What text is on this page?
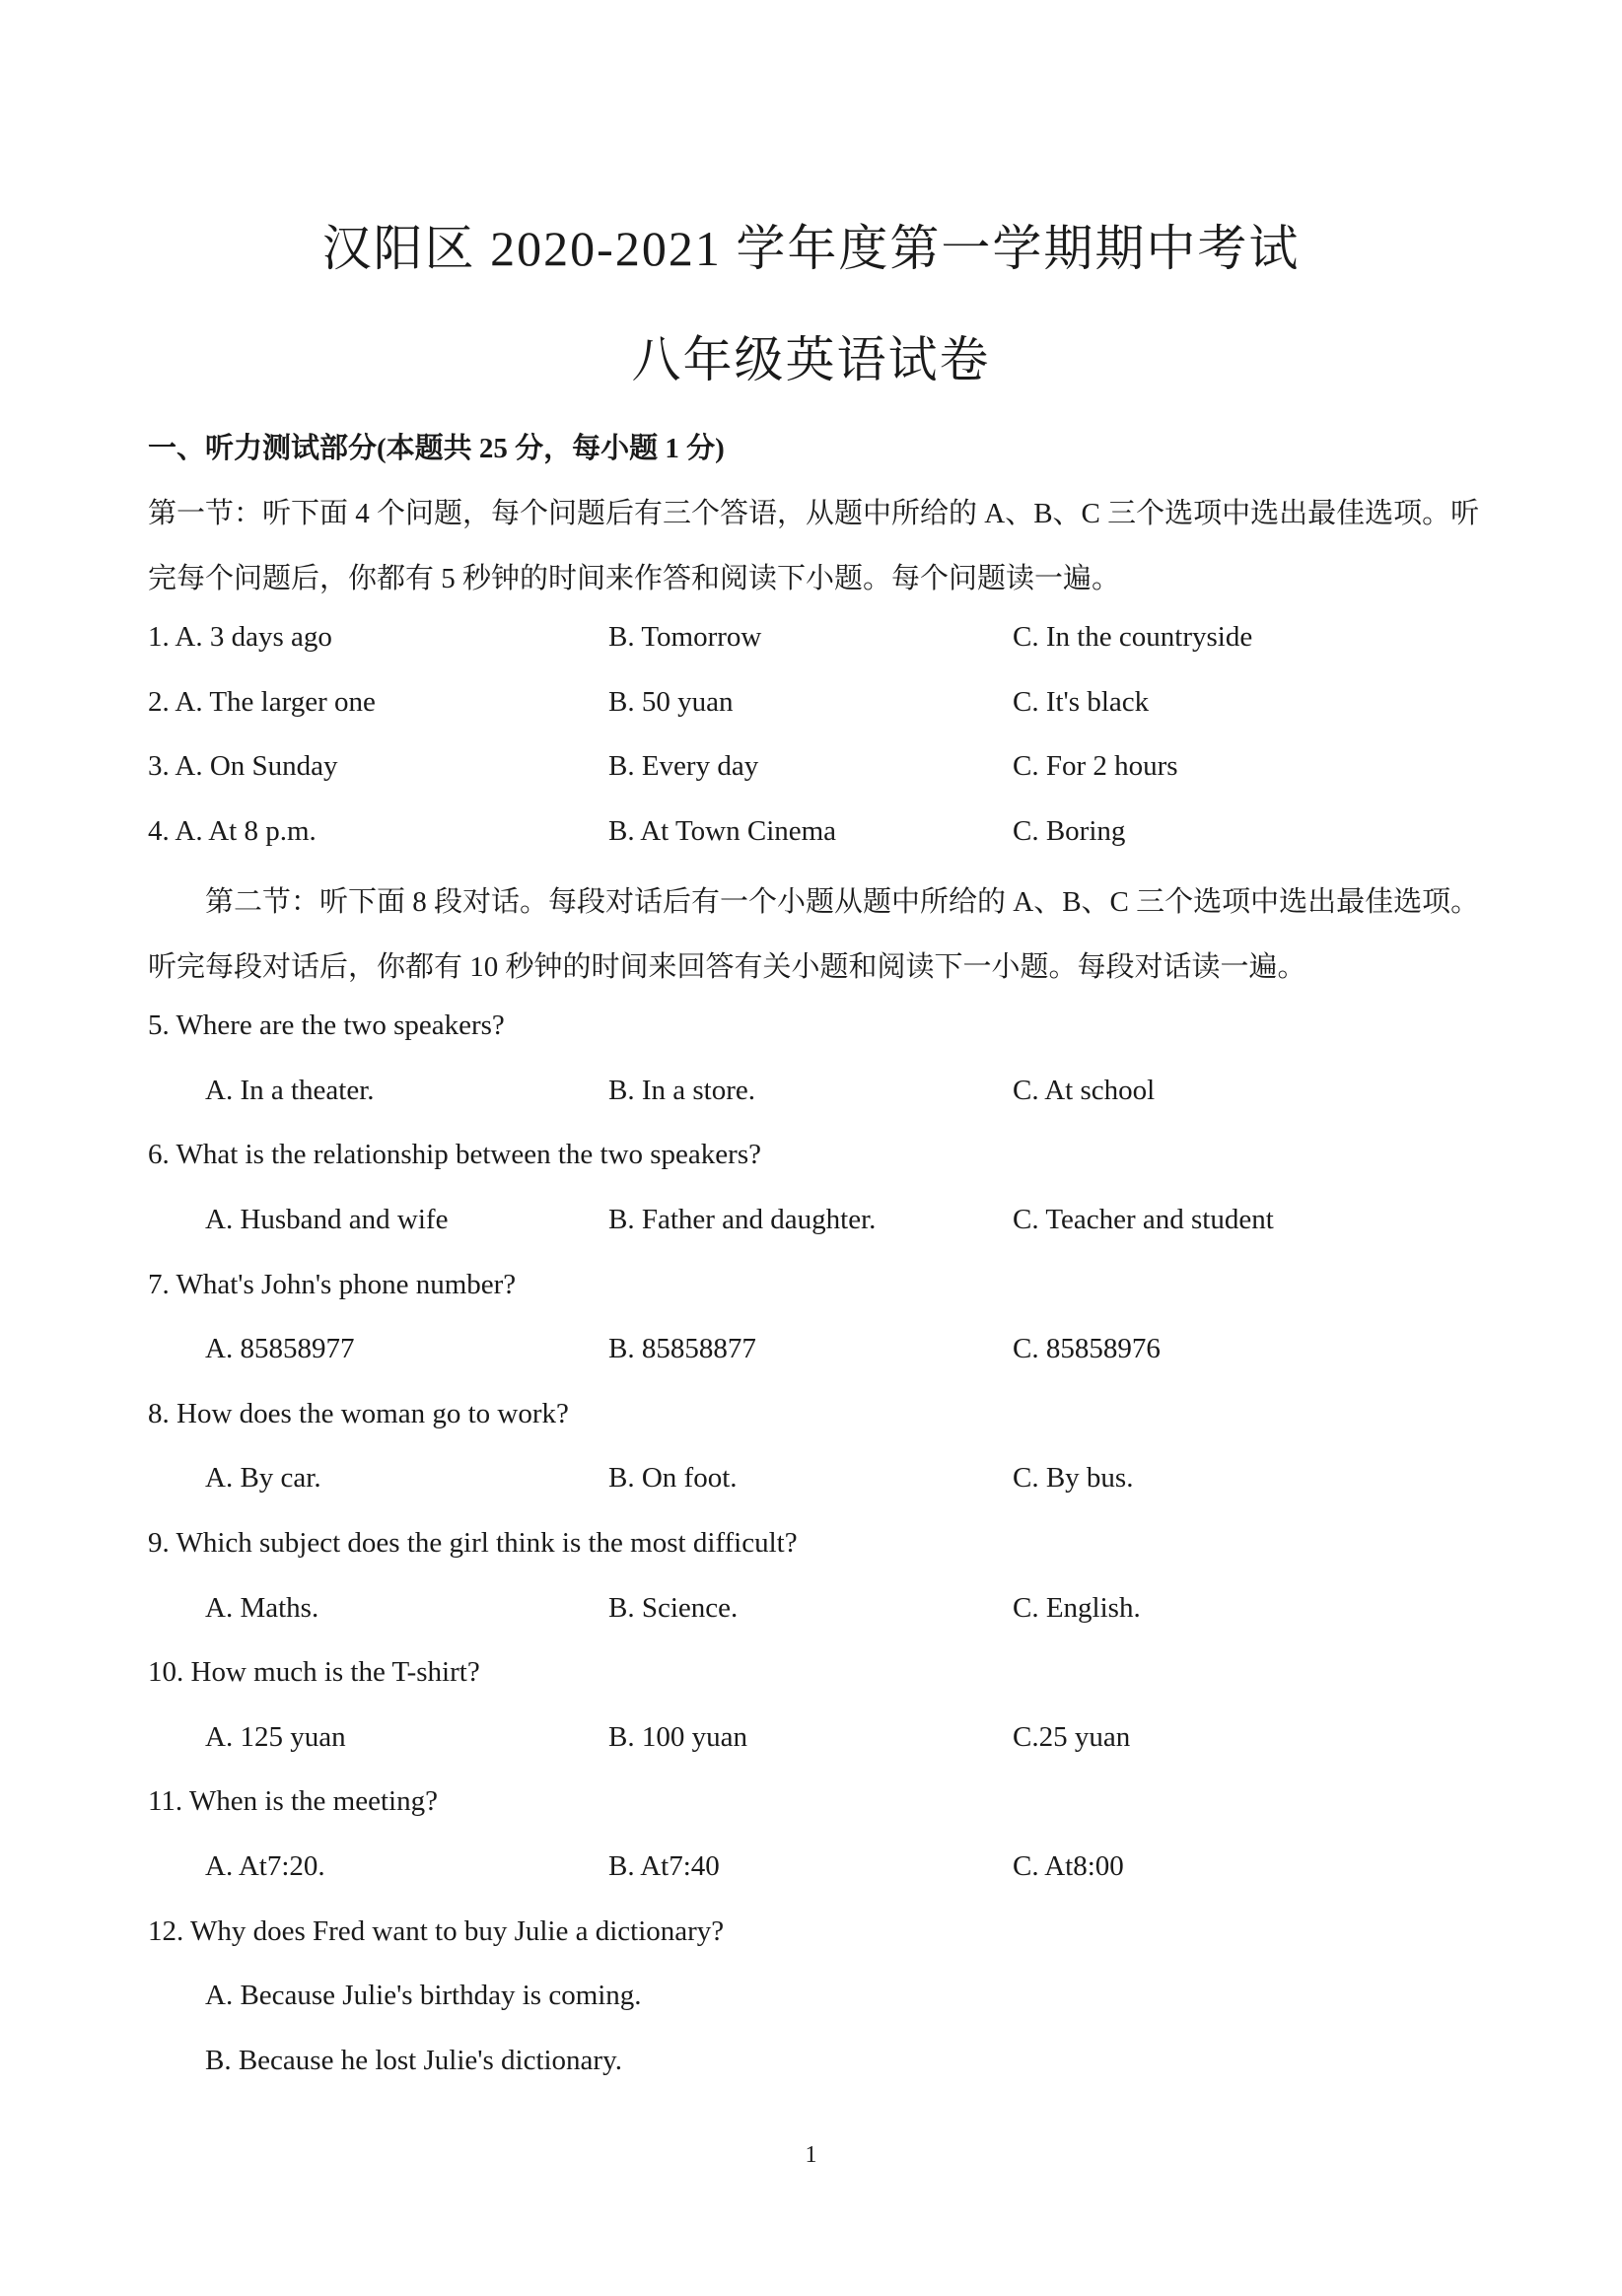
汉阳区 2020-2021 学年度第一学期期中考试
八年级英语试卷
一、听力测试部分(本题共 25 分，每小题 1 分)
第一节：听下面 4 个问题，每个问题后有三个答语，从题中所给的 A、B、C 三个选项中选出最佳选项。听
完每个问题后，你都有 5 秒钟的时间来作答和阅读下小题。每个问题读一遍。
1. A. 3 days ago	B. Tomorrow	C. In the countryside
2. A. The larger one	B. 50 yuan	C. It's black
3. A. On Sunday	B. Every day	C. For 2 hours
4. A. At 8 p.m.	B. At Town Cinema	C. Boring
第二节：听下面 8 段对话。每段对话后有一个小题从题中所给的 A、B、C 三个选项中选出最佳选项。
听完每段对话后，你都有 10 秒钟的时间来回答有关小题和阅读下一小题。每段对话读一遍。
5. Where are the two speakers?
A. In a theater.	B. In a store.	C. At school
6. What is the relationship between the two speakers?
A. Husband and wife	B. Father and daughter.	C. Teacher and student
7. What's John's phone number?
A. 85858977	B. 85858877	C. 85858976
8. How does the woman go to work?
A. By car.	B. On foot.	C. By bus.
9. Which subject does the girl think is the most difficult?
A. Maths.	B. Science.	C. English.
10. How much is the T-shirt?
A. 125 yuan	B. 100 yuan	C.25 yuan
11. When is the meeting?
A. At7:20.	B. At7:40	C. At8:00
12. Why does Fred want to buy Julie a dictionary?
A. Because Julie's birthday is coming.
B. Because he lost Julie's dictionary.
1
